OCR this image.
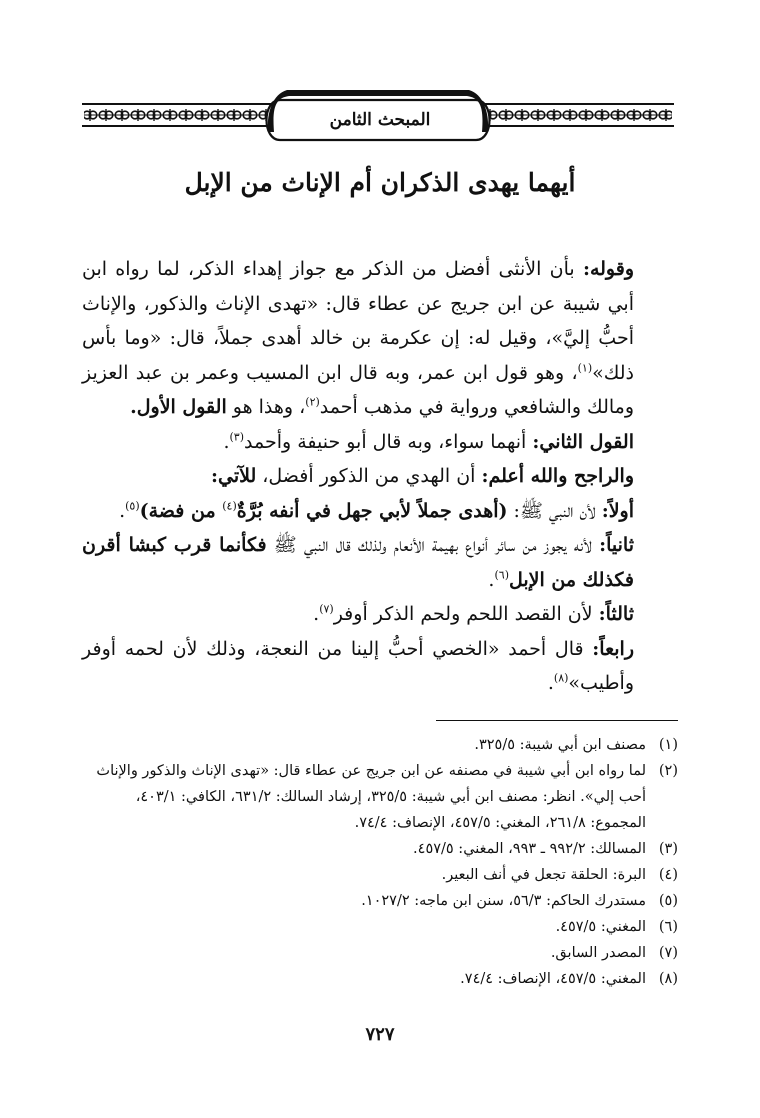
المبحث الثامن
أيهما يهدى الذكران أم الإناث من الإبل

وقوله: بأن الأنثى أفضل من الذكر مع جواز إهداء الذكر، لما رواه ابن أبي شيبة عن ابن جريج عن عطاء قال: «تهدى الإناث والذكور، والإناث أحبُّ إليَّ»، وقيل له: إن عكرمة بن خالد أهدى جملاً، قال: «وما بأس ذلك»$^{(١)}$، وهو قول ابن عمر، وبه قال ابن المسيب وعمر بن عبد العزيز ومالك والشافعي ورواية في مذهب أحمد$^{(٢)}$، وهذا هو القول الأول.

القول الثاني: أنهما سواء، وبه قال أبو حنيفة وأحمد$^{(٣)}$.

والراجح والله أعلم: أن الهدي من الذكور أفضل، للآتي:

أولاً: لأن النبي ﷺ: (أهدى جملاً لأبي جهل في أنفه بُرَّةٌ$^{(٤)}$ من فضة)$^{(٥)}$.

ثانياً: لأنه يجوز من سائر أنواع بهيمة الأنعام ولذلك قال النبي ﷺ فكأنما قرب كبشا أقرن فكذلك من الإبل$^{(٦)}$.

ثالثاً: لأن القصد اللحم ولحم الذكر أوفر$^{(٧)}$.

رابعاً: قال أحمد «الخصي أحبُّ إلينا من النعجة، وذلك لأن لحمه أوفر وأطيب»$^{(٨)}$.

(١)
مصنف ابن أبي شيبة: ٣٢٥/٥.
(٢)
لما رواه ابن أبي شيبة في مصنفه عن ابن جريج عن عطاء قال: «تهدى الإناث والذكور والإناث أحب إلي». انظر: مصنف ابن أبي شيبة: ٣٢٥/٥، إرشاد السالك: ٦٣١/٢، الكافي: ٤٠٣/١، المجموع: ٢٦١/٨، المغني: ٤٥٧/٥، الإنصاف: ٧٤/٤.
(٣)
المسالك: ٩٩٢/٢ ـ ٩٩٣، المغني: ٤٥٧/٥.
(٤)
البرة: الحلقة تجعل في أنف البعير.
(٥)
مستدرك الحاكم: ٥٦/٣، سنن ابن ماجه: ١٠٢٧/٢.
(٦)
المغني: ٤٥٧/٥.
(٧)
المصدر السابق.
(٨)
المغني: ٤٥٧/٥، الإنصاف: ٧٤/٤.
٧٢٧
